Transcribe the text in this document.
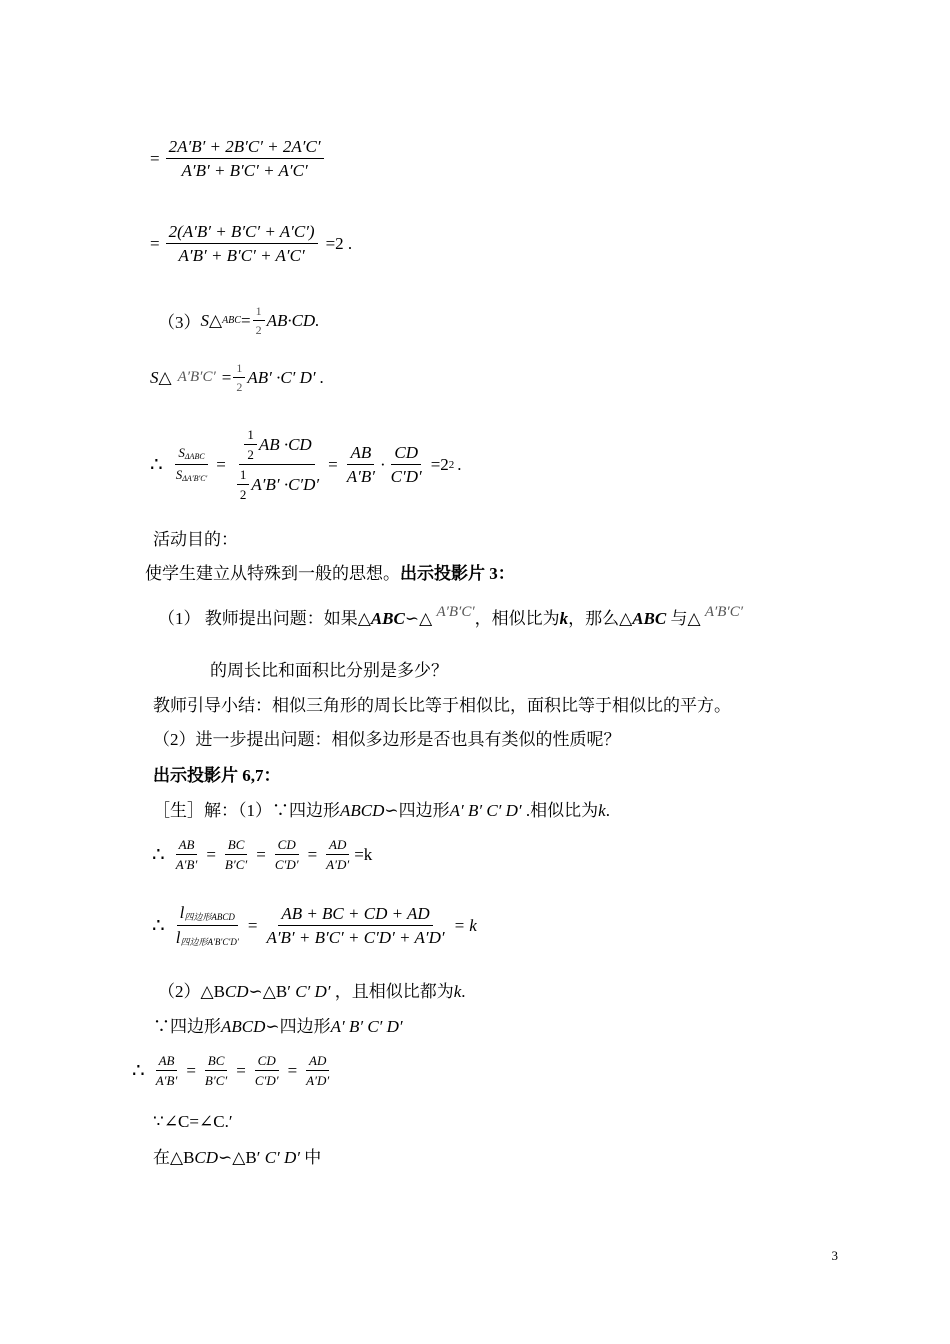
= $\frac{2A'B' + 2B'C' + 2A'C'}{A'B' + B'C' + A'C'}$
= $\frac{2(A'B' + B'C' + A'C')}{A'B' + B'C' + A'C'} =2$ .
（3） S △ ABC = $\frac{1}{2} AB\cdot CD$.
S △ $A'B'C' = \frac{1}{2} AB' \cdot C'$ D′ .
∴ $\frac{S_{\Delta ABC}}{S_{\Delta A'B'C'}} = \frac{\frac{1}{2} AB \cdot CD}{\frac{1}{2} A'B' \cdot C'D'} = \frac{AB}{A'B'} \cdot \frac{CD}{C'D'} =2$ 2 .
活动目的：
使学生建立从特殊到一般的思想。出示投影片 3：
（1） 教师提出问题：如果△ABC∽△ A′B′C′，相似比为k，那么△ABC 与△ A′B′C′
的周长比和面积比分别是多少？
教师引导小结：相似三角形的周长比等于相似比，面积比等于相似比的平方。
（2）进一步提出问题：相似多边形是否也具有类似的性质呢？
出示投影片 6,7：
［生］解：（1）∵四边形ABCD∽四边形A′ B′ C′ D′ .相似比为k.
∴ $\frac{AB}{A'B'} = \frac{BC}{B'C'} = \frac{CD}{C'D'} = \frac{AD}{A'D'} =k$
∴ $\frac{l_{四边形ABCD}}{l_{四边形A'B'C'D'}} = \frac{AB + BC + CD + AD}{A'B' + B'C' + C'D' + A'D'} = k$
（2）△BCD∽△B′ C′ D′ ，且相似比都为k.
∵四边形ABCD∽四边形A′ B′ C′ D′
∴ $\frac{AB}{A'B'} = \frac{BC}{B'C'} = \frac{CD}{C'D'} = \frac{AD}{A'D'}$
∵∠C=∠C.′
在△BCD∽△B′ C′ D′ 中
3
